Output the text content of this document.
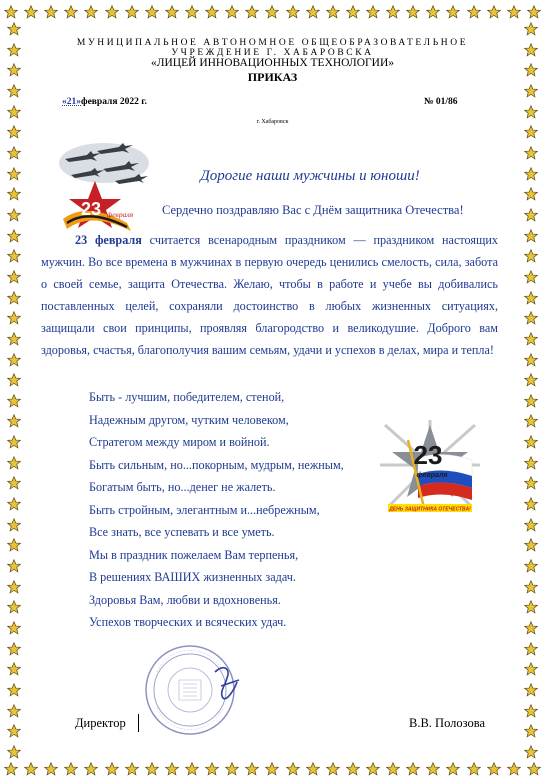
МУНИЦИПАЛЬНОЕ АВТОНОМНОЕ ОБЩЕОБРАЗОВАТЕЛЬНОЕ
УЧРЕЖДЕНИЕ Г. ХАБАРОВСКА
«ЛИЦЕЙ ИННОВАЦИОННЫХ ТЕХНОЛОГИИ»
ПРИКАЗ
«21»февраля 2022 г.	№ 01/86
г. Хабаровск
23 февраля
Дорогие наши мужчины и юноши!
Сердечно поздравляю Вас с Днём защитника Отечества!
23 февраля считается всенародным праздником — праздником настоящих мужчин. Во все времена в мужчинах в первую очередь ценились смелость, сила, забота о своей семье, защита Отечества. Желаю, чтобы в работе и учебе вы добивались поставленных целей, сохраняли достоинство в любых жизненных ситуациях, защищали свои принципы, проявляя благородство и великодушие. Доброго вам здоровья, счастья, благополучия вашим семьям, удачи и успехов в делах, мира и тепла!
Быть - лучшим, победителем, стеной,
Надежным другом, чутким человеком,
Стратегом между миром и войной.
Быть сильным, но...покорным, мудрым, нежным,
Богатым быть, но...денег не жалеть.
Быть стройным, элегантным и...небрежным,
Все знать, все успевать и все уметь.
Мы в праздник пожелаем Вам терпенья,
В решениях ВАШИХ жизненных задач.
Здоровья Вам, любви и вдохновенья.
Успехов творческих и всяческих удач.
23
февраля
ДЕНЬ ЗАЩИТНИКА ОТЕЧЕСТВА!
Директор	В.В. Полозова
